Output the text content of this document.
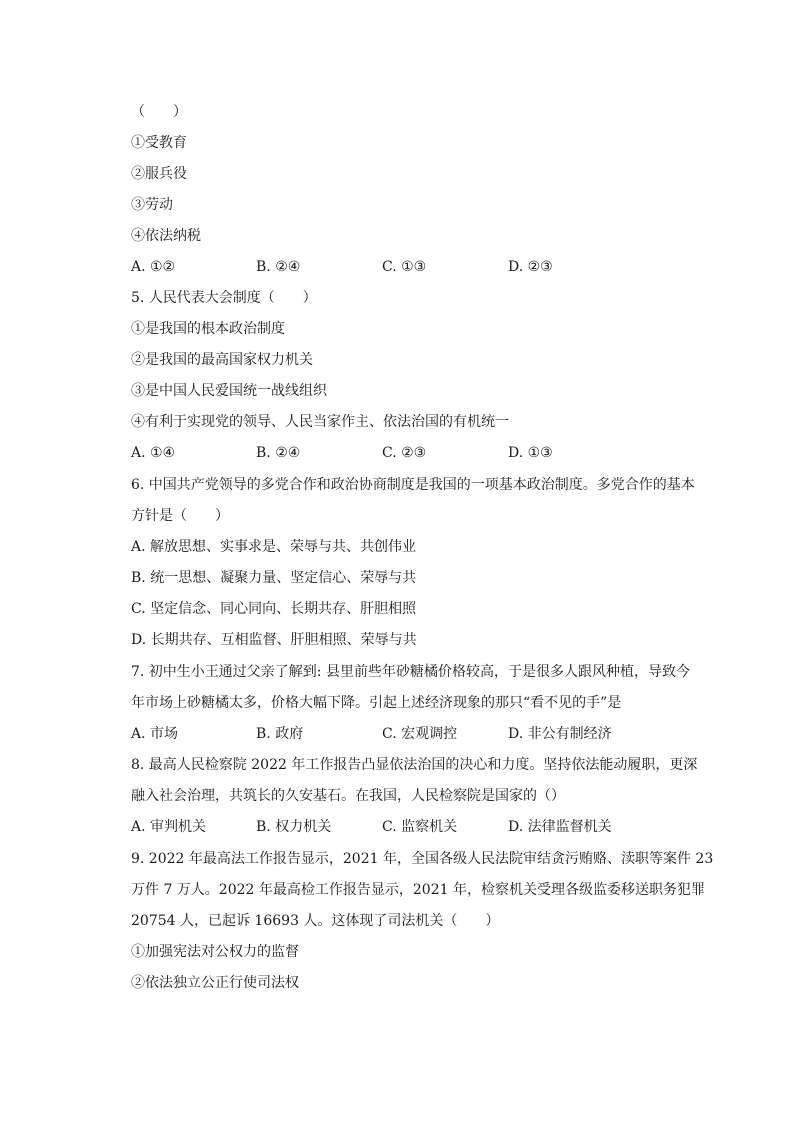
（　　）
①受教育
②服兵役
③劳动
④依法纳税
A. ①②	B. ②④	C. ①③	D. ②③
5. 人民代表大会制度（　　）
①是我国的根本政治制度
②是我国的最高国家权力机关
③是中国人民爱国统一战线组织
④有利于实现党的领导、人民当家作主、依法治国的有机统一
A. ①④	B. ②④	C. ②③	D. ①③
6. 中国共产党领导的多党合作和政治协商制度是我国的一项基本政治制度。多党合作的基本
方针是（　　）
A. 解放思想、实事求是、荣辱与共、共创伟业
B. 统一思想、凝聚力量、坚定信心、荣辱与共
C. 坚定信念、同心同向、长期共存、肝胆相照
D. 长期共存、互相监督、肝胆相照、荣辱与共
7. 初中生小王通过父亲了解到: 县里前些年砂糖橘价格较高，于是很多人跟风种植，导致今
年市场上砂糖橘太多，价格大幅下降。引起上述经济现象的那只“看不见的手”是
A. 市场	B. 政府	C. 宏观调控	D. 非公有制经济
8. 最高人民检察院 2022 年工作报告凸显依法治国的决心和力度。坚持依法能动履职，更深
融入社会治理，共筑长的久安基石。在我国，人民检察院是国家的（）
A. 审判机关	B. 权力机关	C. 监察机关	D. 法律监督机关
9. 2022 年最高法工作报告显示，2021 年，全国各级人民法院审结贪污贿赂、渎职等案件 23
万件 7 万人。2022 年最高检工作报告显示，2021 年，检察机关受理各级监委移送职务犯罪
20754 人，已起诉 16693 人。这体现了司法机关（　　）
①加强宪法对公权力的监督
②依法独立公正行使司法权
